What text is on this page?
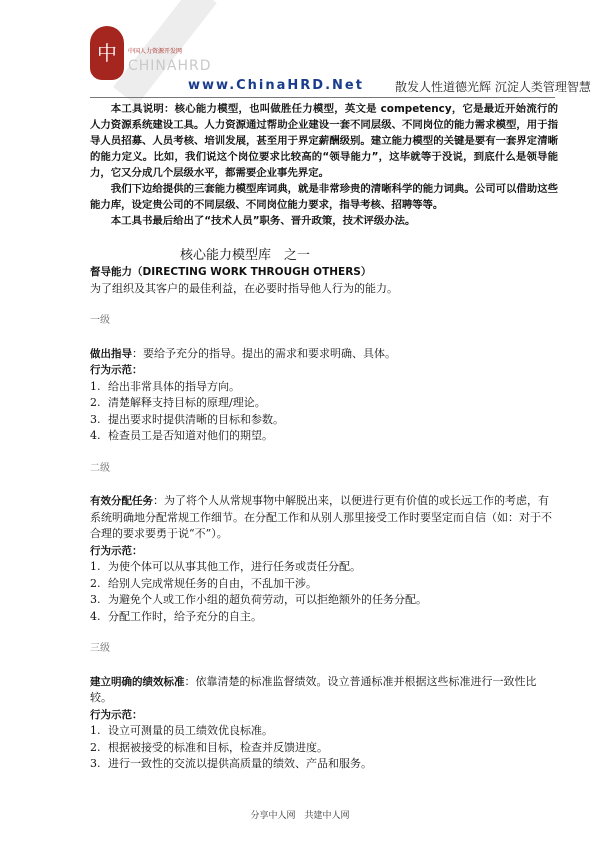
中人
中国人力资源开发网
CHINAHRD
www.ChinaHRD.Net	散发人性道德光辉 沉淀人类管理智慧

本工具说明：核心能力模型，也叫做胜任力模型，英文是 competency，它是最近开始流行的人力资源系统建设工具。人力资源通过帮助企业建设一套不同层级、不同岗位的能力需求模型，用于指导人员招募、人员考核、培训发展，甚至用于界定薪酬级别。建立能力模型的关键是要有一套界定清晰的能力定义。比如，我们说这个岗位要求比较高的“领导能力”，这毕就等于没说，到底什么是领导能力，它又分成几个层级水平，都需要企业事先界定。

我们下边给提供的三套能力模型库词典，就是非常珍贵的清晰科学的能力词典。公司可以借助这些能力库，设定贵公司的不同层级、不同岗位能力要求，指导考核、招聘等等。

本工具书最后给出了“技术人员”职务、晋升政策，技术评级办法。

核心能力模型库　之一

督导能力（DIRECTING WORK THROUGH OTHERS）

为了组织及其客户的最佳利益，在必要时指导他人行为的能力。

一级

做出指导：要给予充分的指导。提出的需求和要求明确、具体。

行为示范：

1. 给出非常具体的指导方向。
2. 清楚解释支持目标的原理/理论。
3. 提出要求时提供清晰的目标和参数。
4. 检查员工是否知道对他们的期望。

二级

有效分配任务：为了将个人从常规事物中解脱出来，以便进行更有价值的或长远工作的考虑，有系统明确地分配常规工作细节。在分配工作和从别人那里接受工作时要坚定而自信（如：对于不合理的要求要勇于说“不”）。

行为示范：

1. 为使个体可以从事其他工作，进行任务或责任分配。
2. 给别人完成常规任务的自由，不乱加干涉。
3. 为避免个人或工作小组的超负荷劳动，可以拒绝额外的任务分配。
4. 分配工作时，给予充分的自主。

三级

建立明确的绩效标准：依靠清楚的标准监督绩效。设立普通标准并根据这些标准进行一致性比较。

行为示范：

1. 设立可测量的员工绩效优良标准。
2. 根据被接受的标准和目标，检查并反馈进度。
3. 进行一致性的交流以提供高质量的绩效、产品和服务。
分享中人网　共建中人网
